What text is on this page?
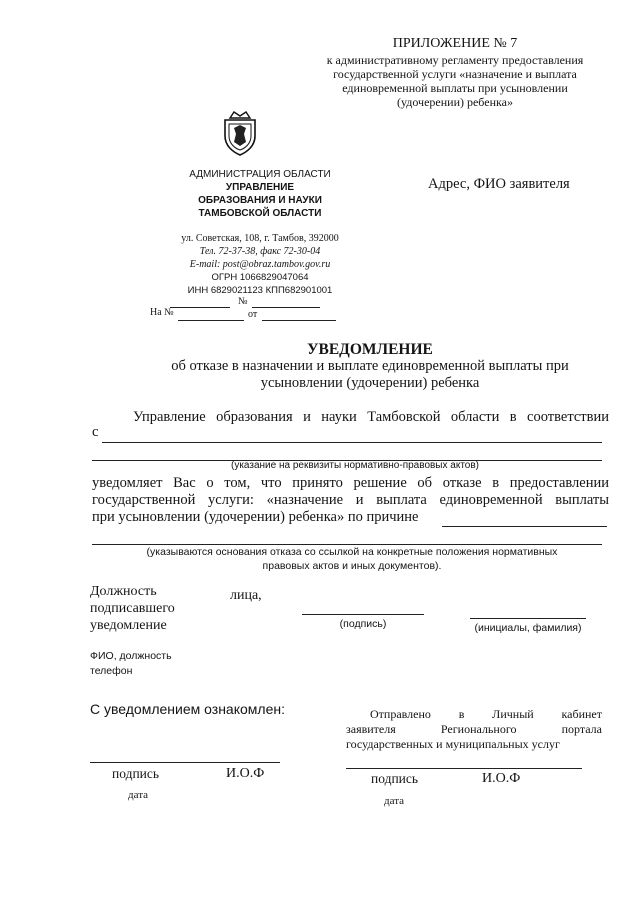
ПРИЛОЖЕНИЕ № 7
к административному регламенту предоставления
государственной услуги «назначение и выплата
единовременной выплаты при усыновлении
(удочерении) ребенка»
АДМИНИСТРАЦИЯ ОБЛАСТИ
УПРАВЛЕНИЕ
ОБРАЗОВАНИЯ И НАУКИ
ТАМБОВСКОЙ ОБЛАСТИ
ул. Советская, 108, г. Тамбов, 392000
Тел. 72-37-38, факс 72-30-04
E-mail: post@obraz.tambov.gov.ru
ОГРН 1066829047064
ИНН 6829021123 КПП682901001
№
На №	от
Адрес, ФИО заявителя
УВЕДОМЛЕНИЕ
об отказе в назначении и выплате единовременной выплаты при
усыновлении (удочерении) ребенка
Управление образования и науки Тамбовской области в соответствии
с
(указание на реквизиты нормативно-правовых актов)
уведомляет Вас о том, что принято решение об отказе в предоставлении
государственной услуги: «назначение и выплата единовременной выплаты
при усыновлении (удочерении) ребенка» по причине
(указываются основания отказа со ссылкой на конкретные положения нормативных
правовых актов и иных документов).
Должность	лица,
подписавшего
уведомление	(подпись)	(инициалы, фамилия)
ФИО, должность
телефон
С уведомлением ознакомлен:	Отправлено в Личный кабинет
заявителя Регионального портала
государственных и муниципальных услуг
подпись	И.О.Ф	подпись	И.О.Ф
дата	дата
